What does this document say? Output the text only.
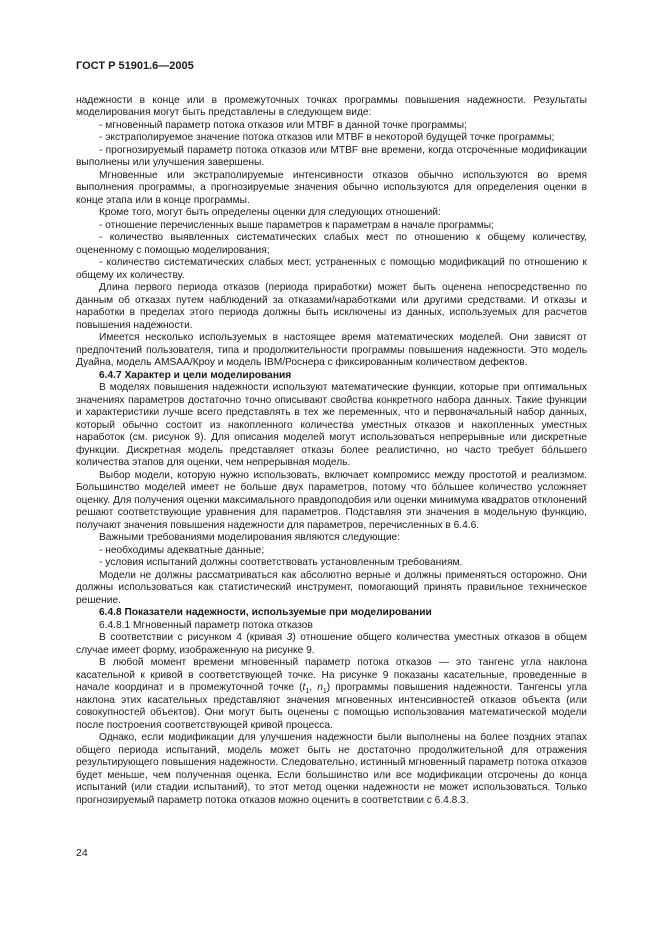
ГОСТ Р 51901.6—2005

надежности в конце или в промежуточных точках программы повышения надежности. Результаты моделирования могут быть представлены в следующем виде:

- мгновенный параметр потока отказов или MTBF в данной точке программы;

- экстраполируемое значение потока отказов или MTBF в некоторой будущей точке программы;

- прогнозируемый параметр потока отказов или MTBF вне времени, когда отсроченные модификации выполнены или улучшения завершены.

Мгновенные или экстраполируемые интенсивности отказов обычно используются во время выполнения программы, а прогнозируемые значения обычно используются для определения оценки в конце этапа или в конце программы.

Кроме того, могут быть определены оценки для следующих отношений:

- отношение перечисленных выше параметров к параметрам в начале программы;

- количество выявленных систематических слабых мест по отношению к общему количеству, оцененному с помощью моделирования;

- количество систематических слабых мест, устраненных с помощью модификаций по отношению к общему их количеству.

Длина первого периода отказов (периода приработки) может быть оценена непосредственно по данным об отказах путем наблюдений за отказами/наработками или другими средствами. И отказы и наработки в пределах этого периода должны быть исключены из данных, используемых для расчетов повышения надежности.

Имеется несколько используемых в настоящее время математических моделей. Они зависят от предпочтений пользователя, типа и продолжительности программы повышения надежности. Это модель Дуайна, модель AMSAA/Кроу и модель IBM/Роснера с фиксированным количеством дефектов.

6.4.7 Характер и цели моделирования

В моделях повышения надежности используют математические функции, которые при оптимальных значениях параметров достаточно точно описывают свойства конкретного набора данных. Такие функции и характеристики лучше всего представлять в тех же переменных, что и первоначальный набор данных, который обычно состоит из накопленного количества уместных отказов и накопленных уместных наработок (см. рисунок 9). Для описания моделей могут использоваться непрерывные или дискретные функции. Дискретная модель представляет отказы более реалистично, но часто требует бо́льшего количества этапов для оценки, чем непрерывная модель.

Выбор модели, которую нужно использовать, включает компромисс между простотой и реализмом. Большинство моделей имеет не больше двух параметров, потому что бо́льшее количество усложняет оценку. Для получения оценки максимального правдоподобия или оценки минимума квадратов отклонений решают соответствующие уравнения для параметров. Подставляя эти значения в модельную функцию, получают значения повышения надежности для параметров, перечисленных в 6.4.6.

Важными требованиями моделирования являются следующие:

- необходимы адекватные данные;

- условия испытаний должны соответствовать установленным требованиям.

Модели не должны рассматриваться как абсолютно верные и должны применяться осторожно. Они должны использоваться как статистический инструмент, помогающий принять правильное техническое решение.

6.4.8 Показатели надежности, используемые при моделировании

6.4.8.1 Мгновенный параметр потока отказов

В соответствии с рисунком 4 (кривая 3) отношение общего количества уместных отказов в общем случае имеет форму, изображенную на рисунке 9.

В любой момент времени мгновенный параметр потока отказов — это тангенс угла наклона касательной к кривой в соответствующей точке. На рисунке 9 показаны касательные, проведенные в начале координат и в промежуточной точке ($t_1$, $n_1$) программы повышения надежности. Тангенсы угла наклона этих касательных представляют значения мгновенных интенсивностей отказов объекта (или совокупностей объектов). Они могут быть оценены с помощью использования математической модели после построения соответствующей кривой процесса.

Однако, если модификации для улучшения надежности были выполнены на более поздних этапах общего периода испытаний, модель может быть не достаточно продолжительной для отражения результирующего повышения надежности. Следовательно, истинный мгновенный параметр потока отказов будет меньше, чем полученная оценка. Если большинство или все модификации отсрочены до конца испытаний (или стадии испытаний), то этот метод оценки надежности не может использоваться. Только прогнозируемый параметр потока отказов можно оценить в соответствии с 6.4.8.3.

24
